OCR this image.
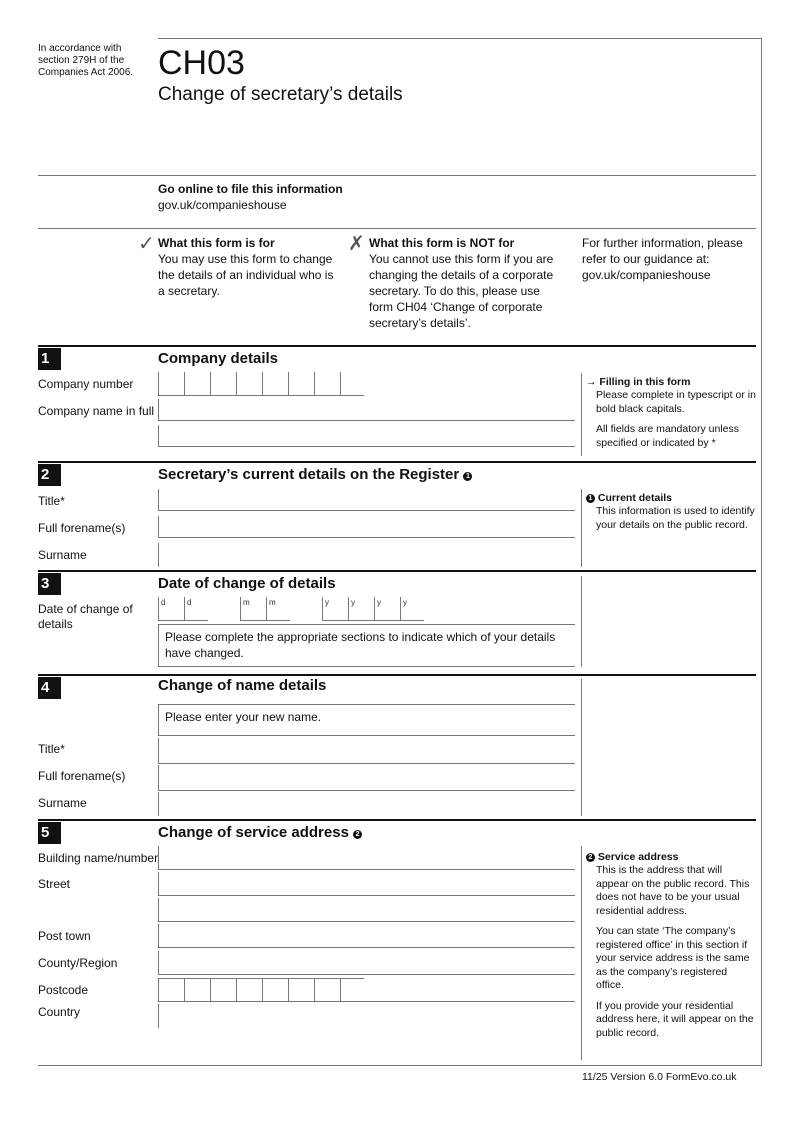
In accordance with section 279H of the Companies Act 2006. CH03
Change of secretary’s details
Go online to file this information
gov.uk/companieshouse
✓ What this form is for
You may use this form to change the details of an individual who is a secretary.
✗ What this form is NOT for
You cannot use this form if you are changing the details of a corporate secretary. To do this, please use form CH04 ‘Change of corporate secretary’s details’.
For further information, please refer to our guidance at: gov.uk/companieshouse
1	Company details
Company number
Company name in full
→ Filling in this form
Please complete in typescript or in bold black capitals.
All fields are mandatory unless specified or indicated by *
2	Secretary’s current details on the Register 1
Title*
Full forename(s)
Surname
1 Current details
This information is used to identify your details on the public record.
3	Date of change of details
Date of change of details
d	d	m m	y	y	y	y
Please complete the appropriate sections to indicate which of your details have changed.
4	Change of name details
Please enter your new name.
Title*
Full forename(s)
Surname
5	Change of service address 2
Building name/number
Street
Post town
County/Region
Postcode
Country
2 Service address
This is the address that will appear on the public record. This does not have to be your usual residential address.
You can state ‘The company’s registered office’ in this section if your service address is the same as the company’s registered office.
If you provide your residential address here, it will appear on the public record.
11/25 Version 6.0 FormEvo.co.uk
